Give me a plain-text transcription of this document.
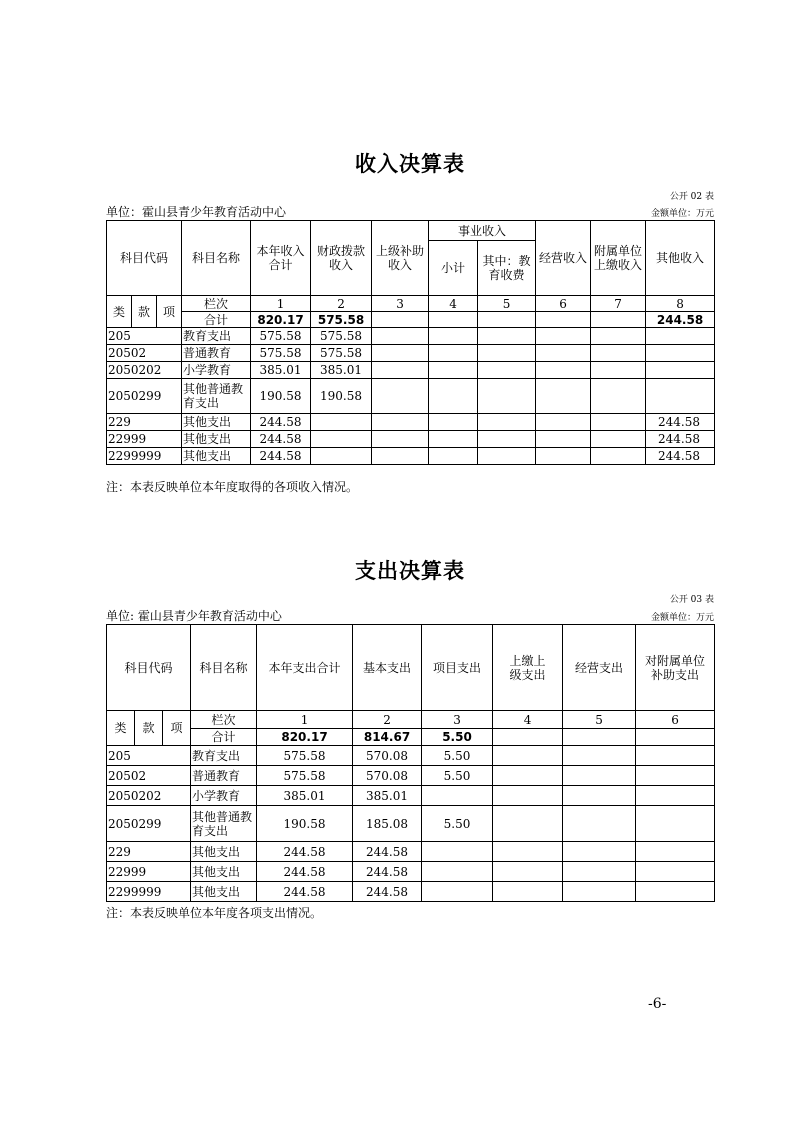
收入决算表
公开 02 表
单位：霍山县青少年教育活动中心	金额单位：万元
科目代码			科目名称	本年收入合计	财政拨款收入	上级补助收入	事业收入		经营收入	附属单位上缴收入	其他收入
							小计	其中：教育收费			
类	款	项	栏次	1	2	3	4	5	6	7	8
			合计	820.17	575.58						244.58
205			教育支出	575.58	575.58						
20502			普通教育	575.58	575.58						
2050202			小学教育	385.01	385.01						
2050299			其他普通教育支出	190.58	190.58						
229			其他支出	244.58							244.58
22999			其他支出	244.58							244.58
2299999			其他支出	244.58							244.58
注：本表反映单位本年度取得的各项收入情况。
支出决算表
公开 03 表
单位: 霍山县青少年教育活动中心	金额单位：万元
科目代码			科目名称	本年支出合计	基本支出	项目支出	上缴上级支出	经营支出	对附属单位补助支出
类	款	项	栏次	1	2	3	4	5	6
			合计	820.17	814.67	5.50			
205			教育支出	575.58	570.08	5.50			
20502			普通教育	575.58	570.08	5.50			
2050202			小学教育	385.01	385.01				
2050299			其他普通教育支出	190.58	185.08	5.50			
229			其他支出	244.58	244.58				
22999			其他支出	244.58	244.58				
2299999			其他支出	244.58	244.58				
注：本表反映单位本年度各项支出情况。
-6-
